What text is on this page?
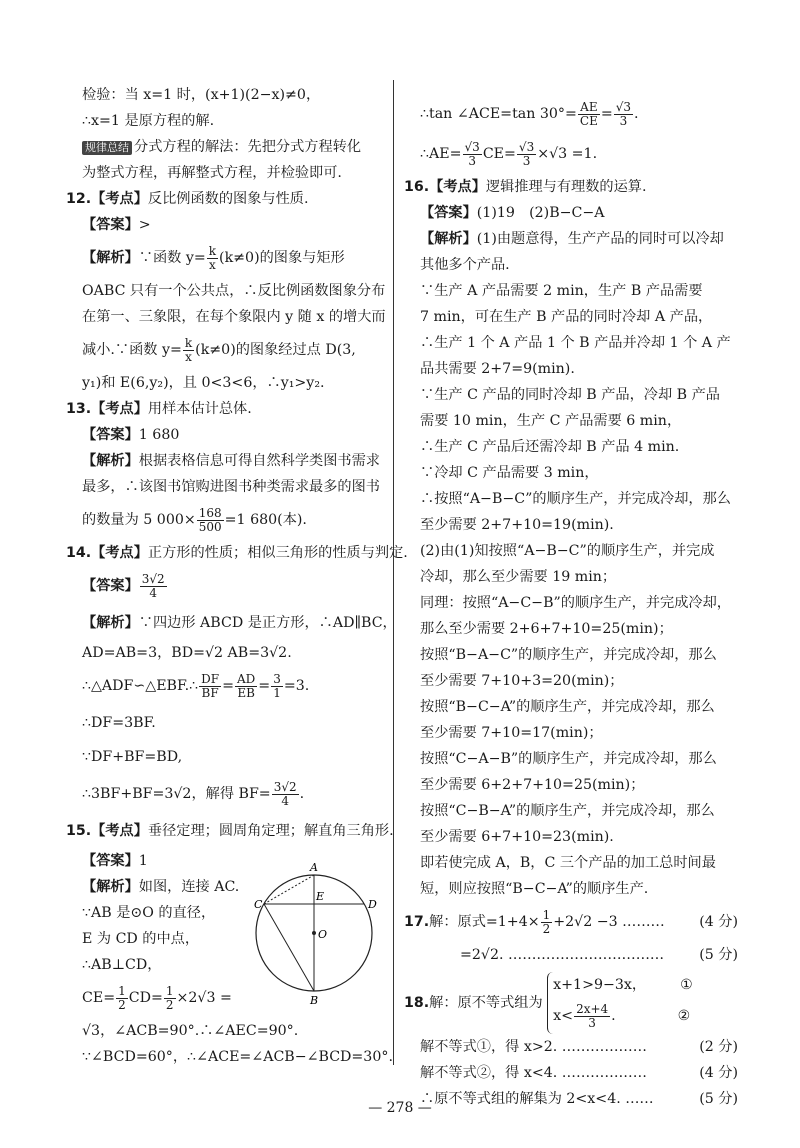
检验：当 x=1 时，(x+1)(2−x)≠0，
∴x=1 是原方程的解.
规律总结 分式方程的解法：先把分式方程转化
为整式方程，再解整式方程，并检验即可.
12.【考点】反比例函数的图象与性质.
【答案】>
【解析】∵函数 $y= \frac{k}{x} (k\ne 0)$的图象与矩形
OABC 只有一个公共点，∴反比例函数图象分布
在第一、三象限，在每个象限内 y 随 x 的增大而
减小.∵函数 $y= \frac{k}{x} (k\ne 0)$的图象经过点 D(3,
y₁)和 E(6,y₂)，且 0<3<6，∴y₁>y₂.
13.【考点】用样本估计总体.
【答案】1 680
【解析】根据表格信息可得自然科学类图书需求
最多，∴该图书馆购进图书种类需求最多的图书
的数量为 5 $000\times \frac{168}{500} =1$ 680(本).
14.【考点】正方形的性质；相似三角形的性质与判定.
【答案】 $\frac{3√2}{4}$
【解析】∵四边形 ABCD 是正方形，∴AD∥BC，
AD=AB=3，BD=√2 AB=3√2.
∴△ADF∽△EBF.∴ $\frac{DF}{BF} = \frac{AD}{EB} = \frac{3}{1} =3$.
∴DF=3BF.
∵DF+BF=BD,
∴3BF+BF=3√2，解得 $BF= \frac{3√2}{4}$ .
15.【考点】垂径定理；圆周角定理；解直角三角形.
【答案】1
【解析】如图，连接 AC.
∵AB 是⊙O 的直径，
E 为 CD 的中点，
∴AB⊥CD，
$CE= \frac{1}{2} CD= \frac{1}{2} \times 2√3$ =
√3，∠ACB=90°.∴∠AEC=90°.
∵∠BCD=60°，∴∠ACE=∠ACB−∠BCD=30°.
A
B
C	D
E
O
∴tan ∠ACE=tan $30^\circ= \frac{AE}{CE} = \frac{√3}{3}$ .
∴AE= $\frac{√3}{3} CE= \frac{√3}{3} \times√3 =1$.
16.【考点】逻辑推理与有理数的运算.
【答案】(1)19　(2)B−C−A
【解析】(1)由题意得，生产产品的同时可以冷却
其他多个产品.
∵生产 A 产品需要 2 min，生产 B 产品需要
7 min，可在生产 B 产品的同时冷却 A 产品，
∴生产 1 个 A 产品 1 个 B 产品并冷却 1 个 A 产
品共需要 2+7=9(min).
∵生产 C 产品的同时冷却 B 产品，冷却 B 产品
需要 10 min，生产 C 产品需要 6 min，
∴生产 C 产品后还需冷却 B 产品 4 min.
∵冷却 C 产品需要 3 min，
∴按照“A−B−C”的顺序生产，并完成冷却，那么
至少需要 2+7+10=19(min).
(2)由(1)知按照“A−B−C”的顺序生产，并完成
冷却，那么至少需要 19 min；
同理：按照“A−C−B”的顺序生产，并完成冷却，
那么至少需要 2+6+7+10=25(min)；
按照“B−A−C”的顺序生产，并完成冷却，那么
至少需要 7+10+3=20(min)；
按照“B−C−A”的顺序生产，并完成冷却，那么
至少需要 7+10=17(min)；
按照“C−A−B”的顺序生产，并完成冷却，那么
至少需要 6+2+7+10=25(min)；
按照“C−B−A”的顺序生产，并完成冷却，那么
至少需要 6+7+10=23(min).
即若使完成 A，B，C 三个产品的加工总时间最
短，则应按照“B−C−A”的顺序生产.
17.解：原式$=1+4\times \frac{1}{2} +2√2 -3$ ……… (4 分)
=2√2. …………………………… (5 分)
18.解：原不等式组为
x+1>9−3x， ①
$x< \frac{2x+4}{3}$ .	②
解不等式①，得 x>2. ………………	(2 分)
解不等式②，得 x<4. ………………	(4 分)
∴原不等式组的解集为 2<x<4. ……	(5 分)
— 278 —
